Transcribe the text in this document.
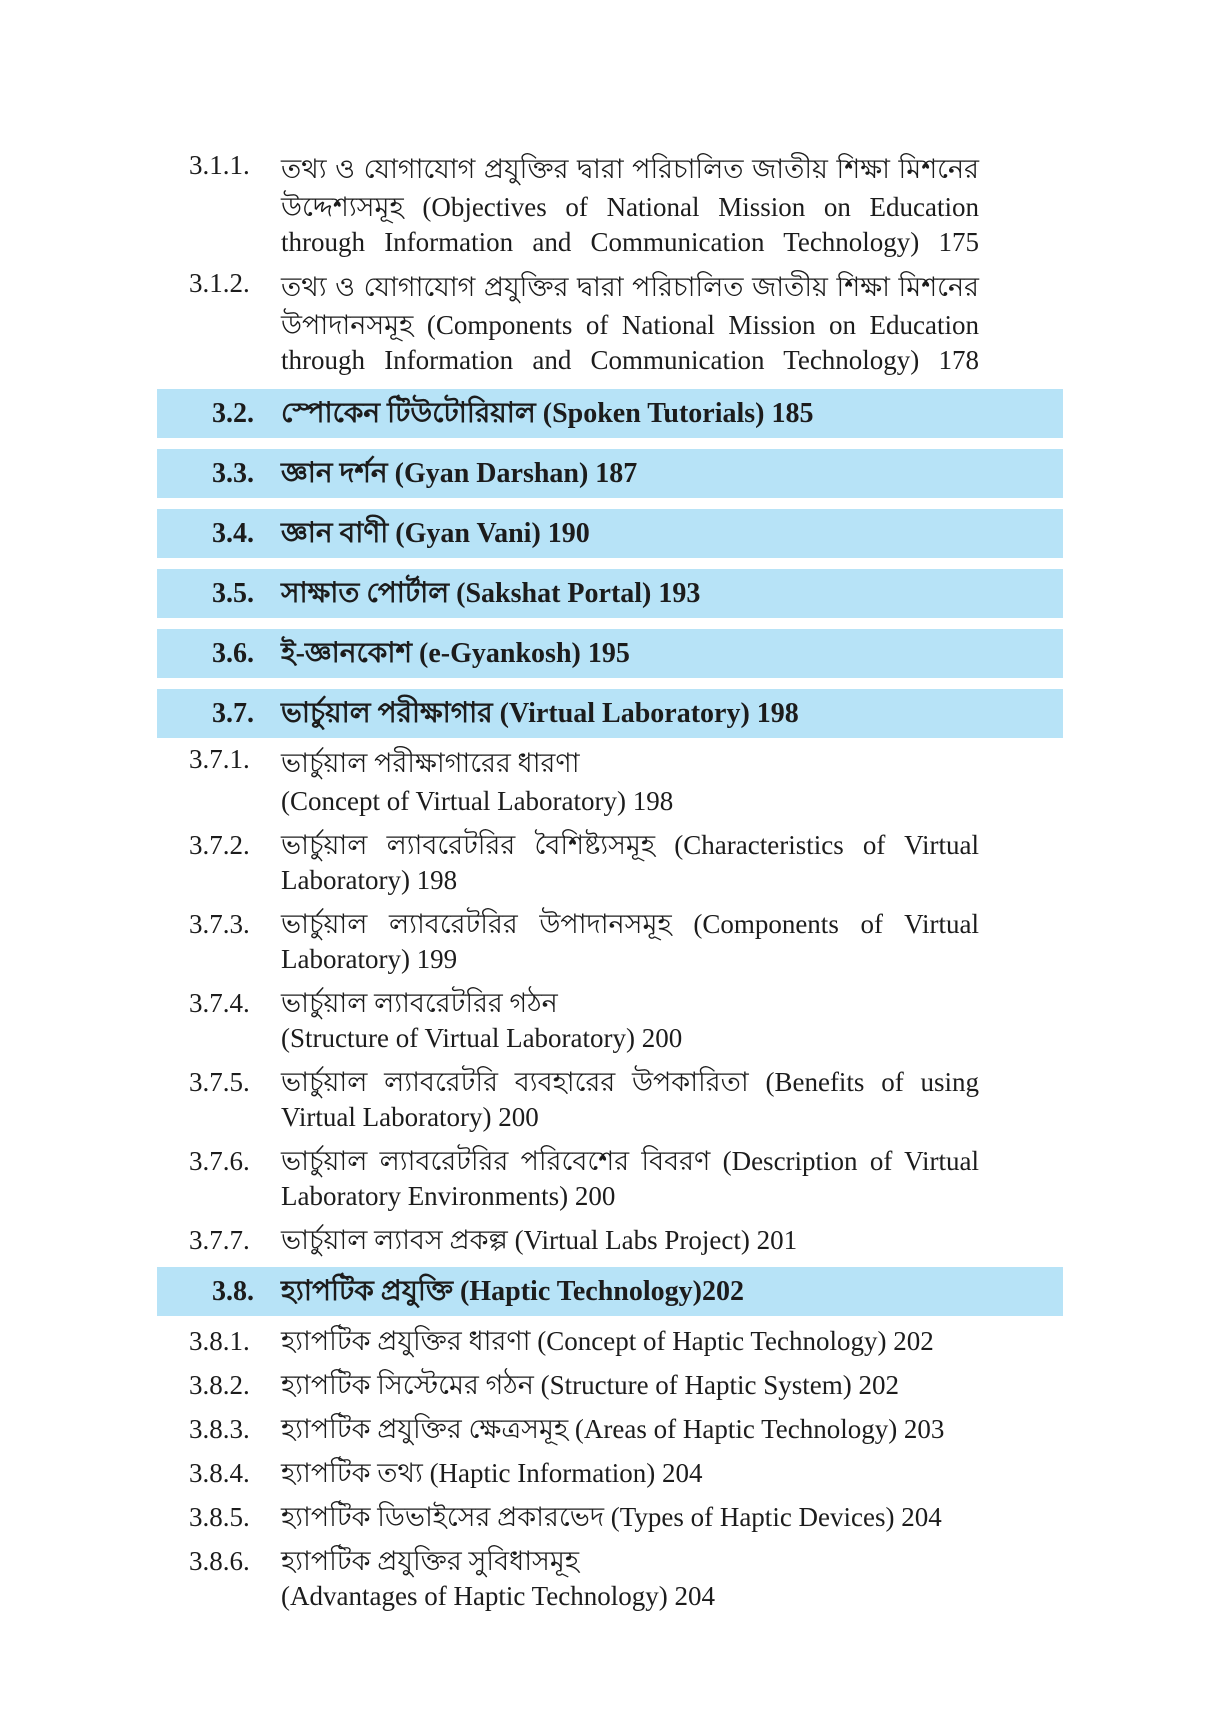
3.1.1.	তথ্য ও যোগাযোগ প্রযুক্তির দ্বারা পরিচালিত জাতীয় শিক্ষা মিশনের
উদ্দেশ্যসমূহ (Objectives of National Mission on Education
through Information and Communication Technology) 175
3.1.2.	তথ্য ও যোগাযোগ প্রযুক্তির দ্বারা পরিচালিত জাতীয় শিক্ষা মিশনের
উপাদানসমূহ (Components of National Mission on Education
through Information and Communication Technology) 178
3.2. স্পোকেন টিউটোরিয়াল (Spoken Tutorials) 185
3.3. জ্ঞান দর্শন (Gyan Darshan) 187
3.4. জ্ঞান বাণী (Gyan Vani) 190
3.5. সাক্ষাত পোর্টাল (Sakshat Portal) 193
3.6. ই-জ্ঞানকোশ (e-Gyankosh) 195
3.7. ভার্চুয়াল পরীক্ষাগার (Virtual Laboratory) 198
3.7.1.	ভার্চুয়াল পরীক্ষাগারের ধারণা
(Concept of Virtual Laboratory) 198
3.7.2.	ভার্চুয়াল ল্যাবরেটরির বৈশিষ্ট্যসমূহ (Characteristics of Virtual
Laboratory) 198
3.7.3.	ভার্চুয়াল ল্যাবরেটরির উপাদানসমূহ (Components of Virtual
Laboratory) 199
3.7.4.	ভার্চুয়াল ল্যাবরেটরির গঠন
(Structure of Virtual Laboratory) 200
3.7.5.	ভার্চুয়াল ল্যাবরেটরি ব্যবহারের উপকারিতা (Benefits of using
Virtual Laboratory) 200
3.7.6.	ভার্চুয়াল ল্যাবরেটরির পরিবেশের বিবরণ (Description of Virtual
Laboratory Environments) 200
3.7.7.	ভার্চুয়াল ল্যাবস প্রকল্প (Virtual Labs Project) 201
3.8. হ্যাপটিক প্রযুক্তি (Haptic Technology)202
3.8.1.	হ্যাপটিক প্রযুক্তির ধারণা (Concept of Haptic Technology) 202
3.8.2.	হ্যাপটিক সিস্টেমের গঠন (Structure of Haptic System) 202
3.8.3.	হ্যাপটিক প্রযুক্তির ক্ষেত্রসমূহ (Areas of Haptic Technology) 203
3.8.4.	হ্যাপটিক তথ্য (Haptic Information) 204
3.8.5.	হ্যাপটিক ডিভাইসের প্রকারভেদ (Types of Haptic Devices) 204
3.8.6.	হ্যাপটিক প্রযুক্তির সুবিধাসমূহ
(Advantages of Haptic Technology) 204
